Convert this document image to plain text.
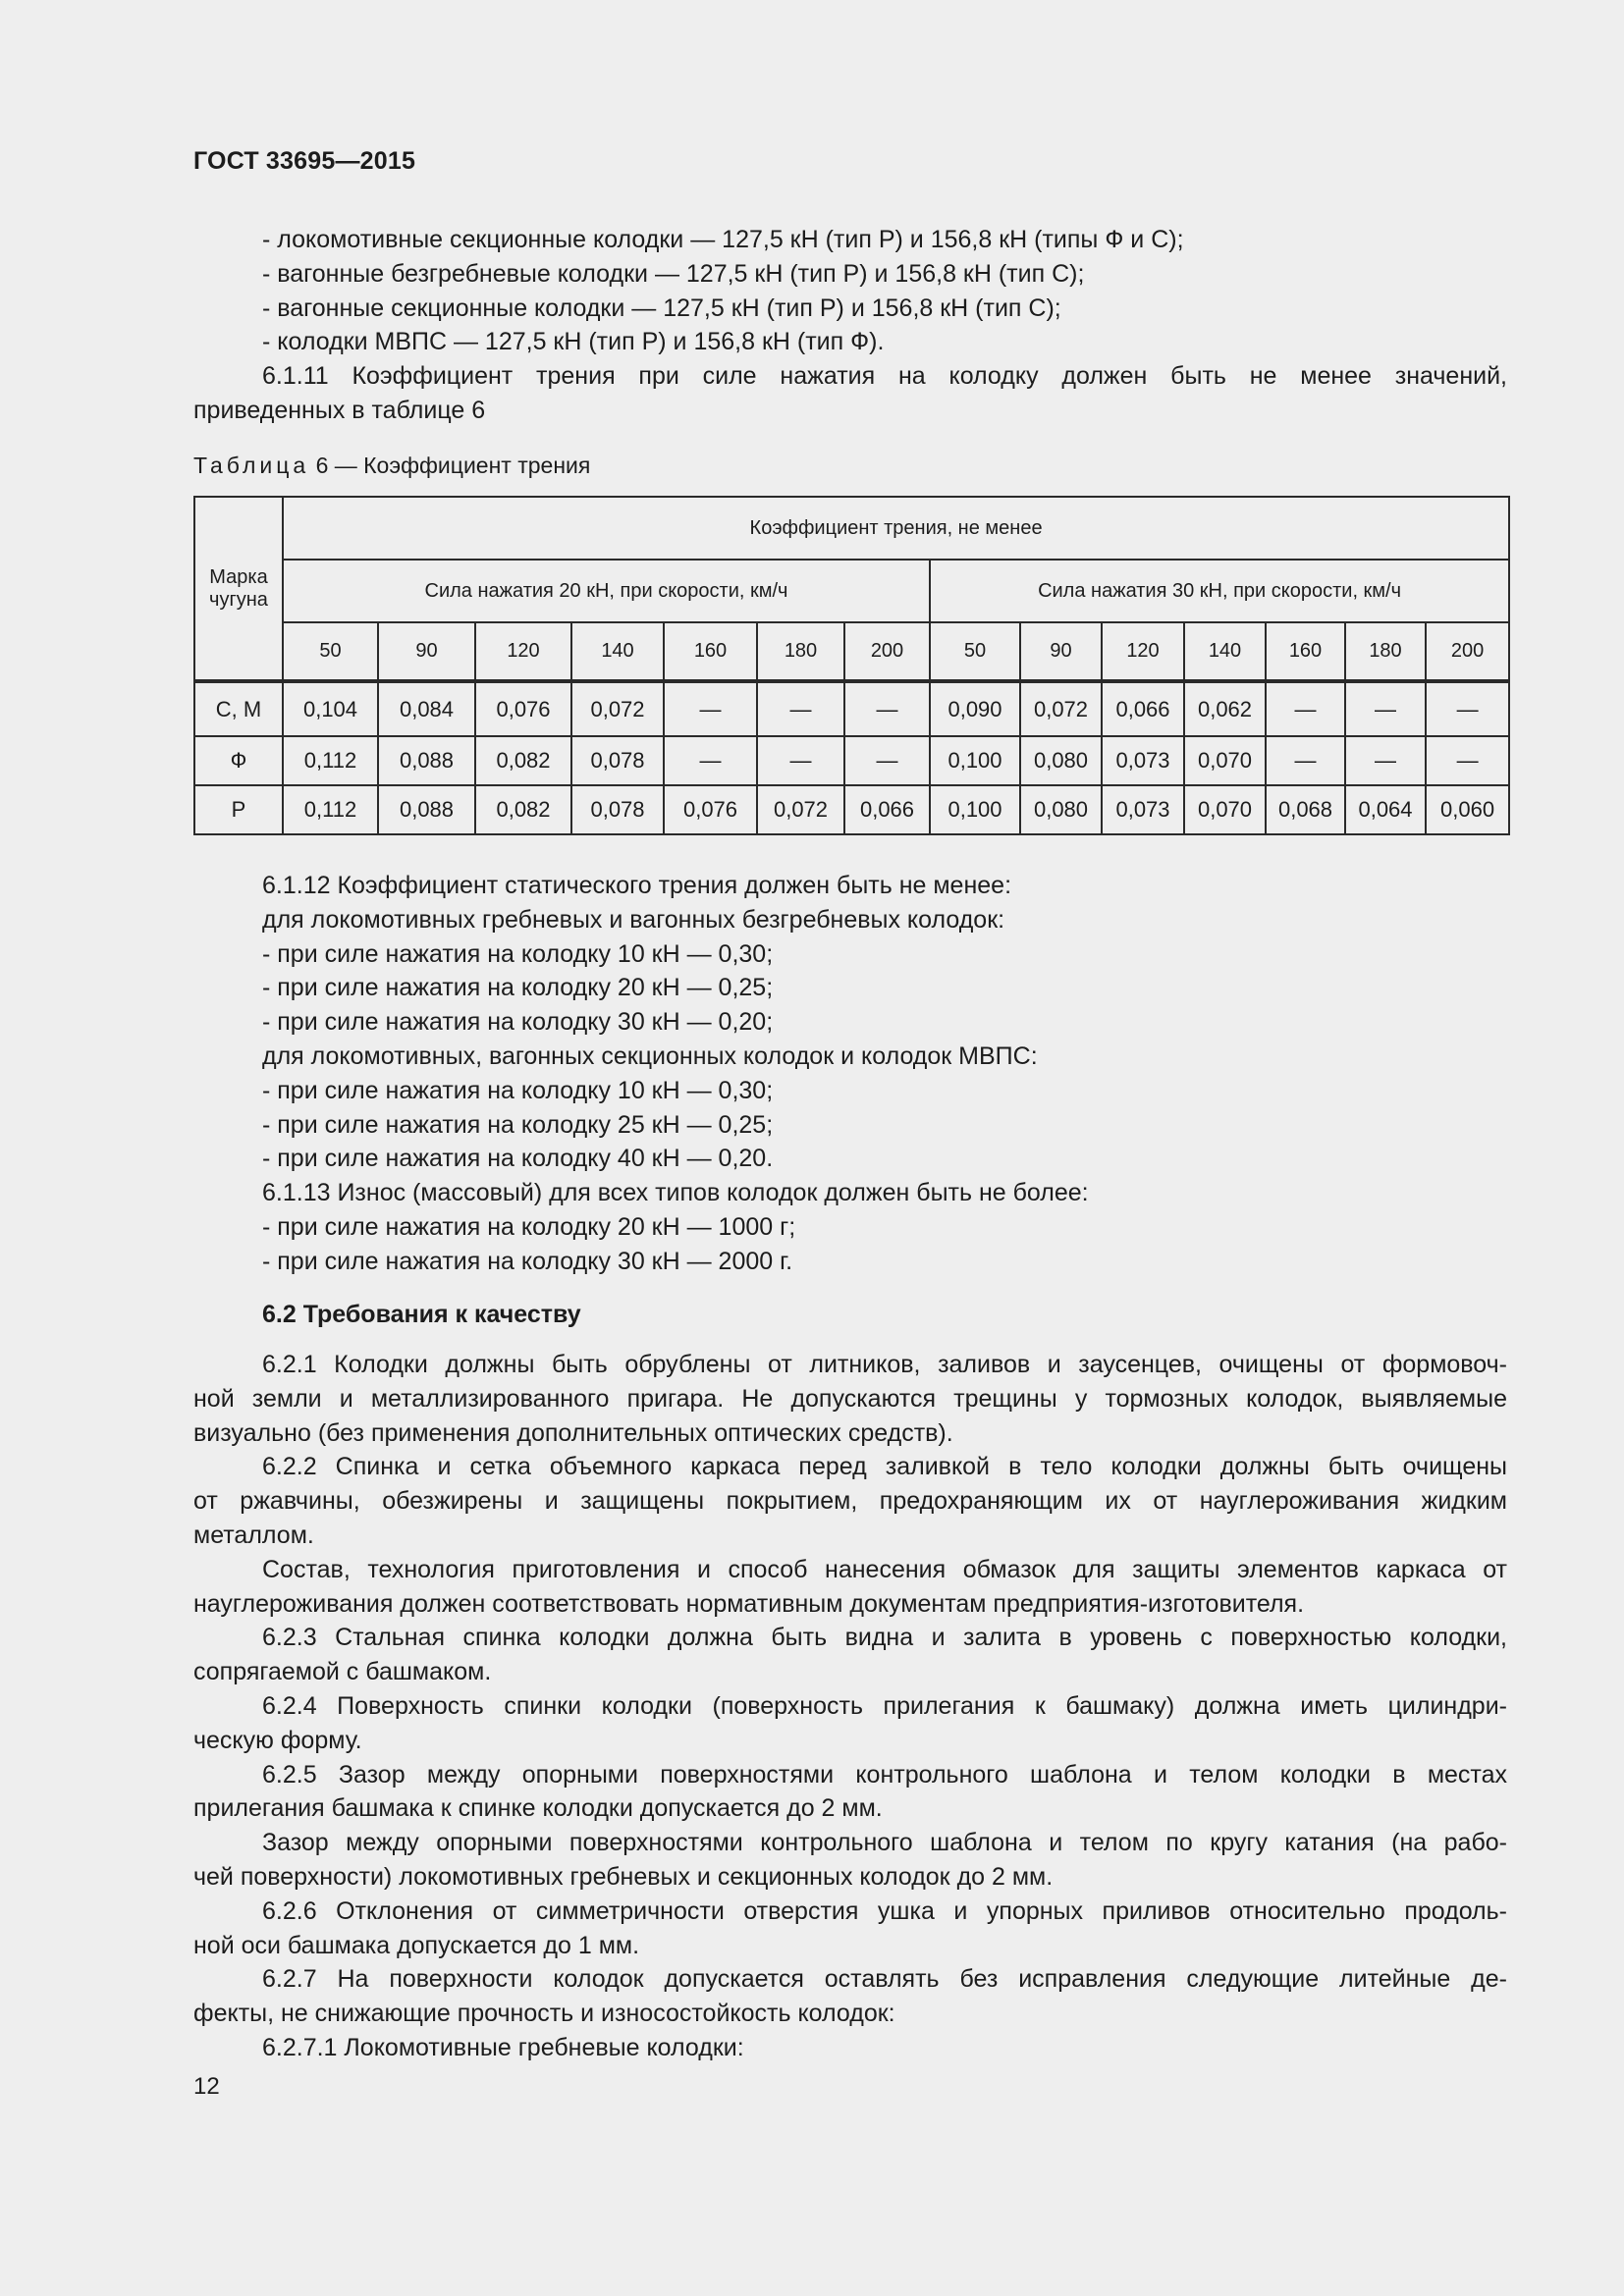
ГОСТ 33695—2015
- локомотивные секционные колодки — 127,5 кН (тип Р) и 156,8 кН (типы Ф и С);
- вагонные безгребневые колодки — 127,5 кН (тип Р) и 156,8 кН (тип С);
- вагонные секционные колодки — 127,5 кН (тип Р) и 156,8 кН (тип С);
- колодки МВПС — 127,5 кН (тип Р) и 156,8 кН (тип Ф).
6.1.11 Коэффициент трения при силе нажатия на колодку должен быть не менее значений,
приведенных в таблице 6
Таблица 6 — Коэффициент трения
Марка чугуна	Коэффициент трения, не менее													
	Сила нажатия 20 кН, при скорости, км/ч							Сила нажатия 30 кН, при скорости, км/ч						
	50	90	120	140	160	180	200	50	90	120	140	160	180	200
С, М	0,104	0,084	0,076	0,072	—	—	—	0,090	0,072	0,066	0,062	—	—	—
Ф	0,112	0,088	0,082	0,078	—	—	—	0,100	0,080	0,073	0,070	—	—	—
Р	0,112	0,088	0,082	0,078	0,076	0,072	0,066	0,100	0,080	0,073	0,070	0,068	0,064	0,060
6.1.12 Коэффициент статического трения должен быть не менее:
для локомотивных гребневых и вагонных безгребневых колодок:
- при силе нажатия на колодку 10 кН — 0,30;
- при силе нажатия на колодку 20 кН — 0,25;
- при силе нажатия на колодку 30 кН — 0,20;
для локомотивных, вагонных секционных колодок и колодок МВПС:
- при силе нажатия на колодку 10 кН — 0,30;
- при силе нажатия на колодку 25 кН — 0,25;
- при силе нажатия на колодку 40 кН — 0,20.
6.1.13 Износ (массовый) для всех типов колодок должен быть не более:
- при силе нажатия на колодку 20 кН — 1000 г;
- при силе нажатия на колодку 30 кН — 2000 г.
6.2 Требования к качеству
6.2.1 Колодки должны быть обрублены от литников, заливов и заусенцев, очищены от формовоч-
ной земли и металлизированного пригара. Не допускаются трещины у тормозных колодок, выявляемые
визуально (без применения дополнительных оптических средств).
6.2.2 Спинка и сетка объемного каркаса перед заливкой в тело колодки должны быть очищены
от ржавчины, обезжирены и защищены покрытием, предохраняющим их от науглероживания жидким
металлом.
Состав, технология приготовления и способ нанесения обмазок для защиты элементов каркаса от
науглероживания должен соответствовать нормативным документам предприятия-изготовителя.
6.2.3 Стальная спинка колодки должна быть видна и залита в уровень с поверхностью колодки,
сопрягаемой с башмаком.
6.2.4 Поверхность спинки колодки (поверхность прилегания к башмаку) должна иметь цилиндри-
ческую форму.
6.2.5 Зазор между опорными поверхностями контрольного шаблона и телом колодки в местах
прилегания башмака к спинке колодки допускается до 2 мм.
Зазор между опорными поверхностями контрольного шаблона и телом по кругу катания (на рабо-
чей поверхности) локомотивных гребневых и секционных колодок до 2 мм.
6.2.6 Отклонения от симметричности отверстия ушка и упорных приливов относительно продоль-
ной оси башмака допускается до 1 мм.
6.2.7 На поверхности колодок допускается оставлять без исправления следующие литейные де-
фекты, не снижающие прочность и износостойкость колодок:
6.2.7.1 Локомотивные гребневые колодки:
12
